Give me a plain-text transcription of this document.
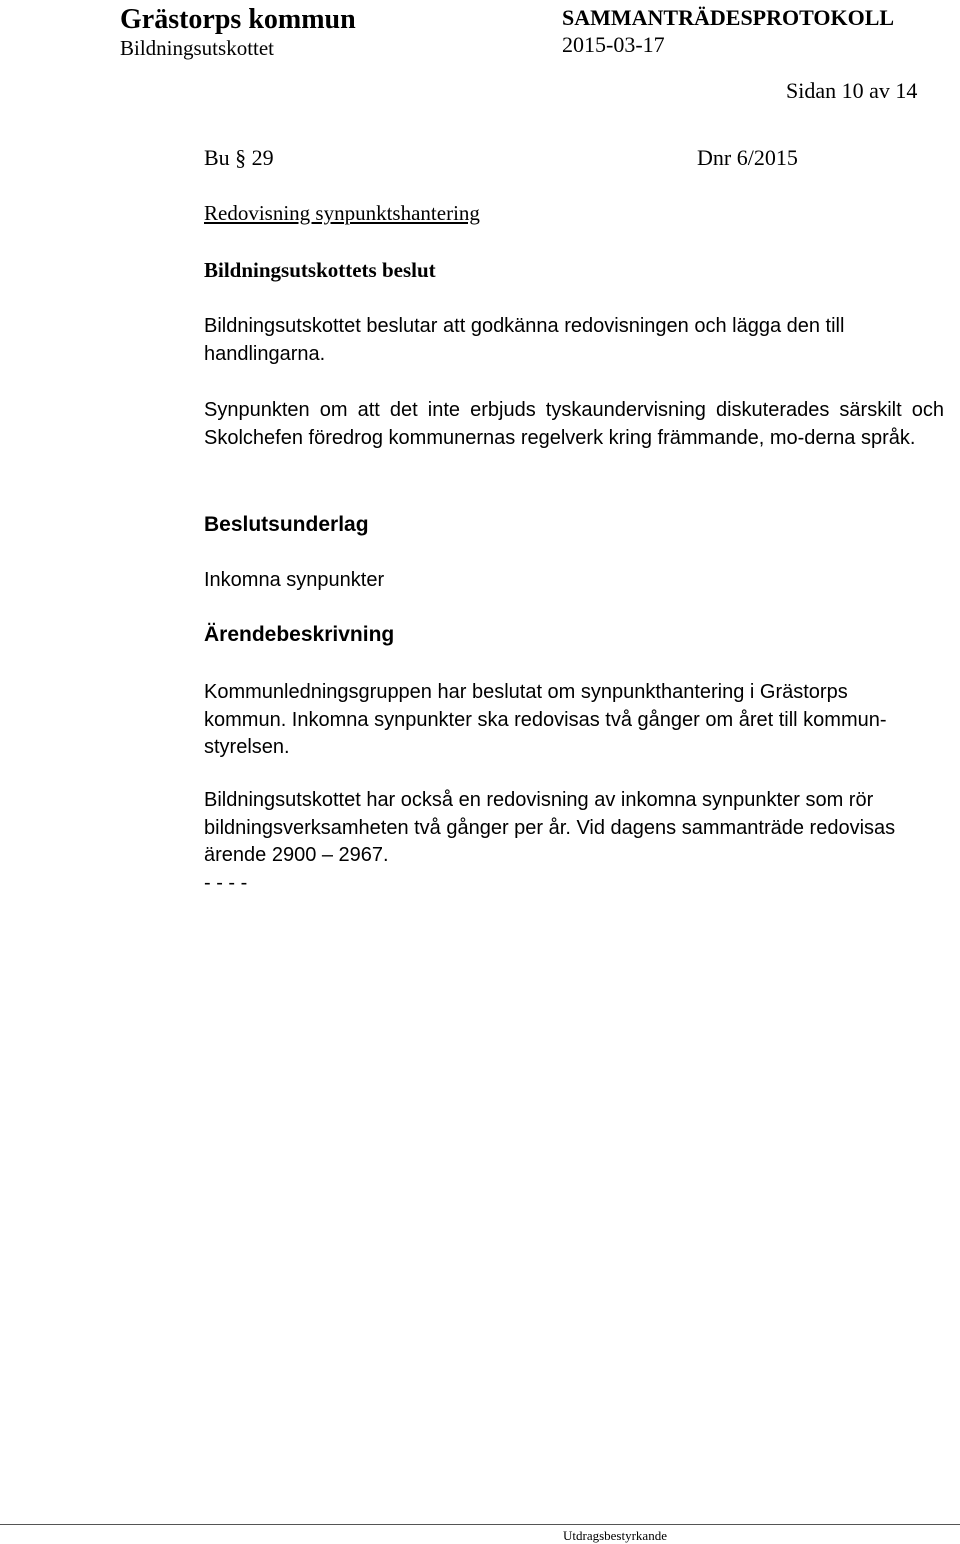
Grästorps kommun
Bildningsutskottet
SAMMANTRÄDESPROTOKOLL
2015-03-17
Sidan 10 av 14
Bu § 29	Dnr 6/2015
Redovisning synpunktshantering
Bildningsutskottets beslut
Bildningsutskottet beslutar att godkänna redovisningen och lägga den till handlingarna.
Synpunkten om att det inte erbjuds tyskaundervisning diskuterades särskilt och Skolchefen föredrog kommunernas regelverk kring främmande, mo-derna språk.
Beslutsunderlag
Inkomna synpunkter
Ärendebeskrivning
Kommunledningsgruppen har beslutat om synpunkthantering i Grästorps kommun. Inkomna synpunkter ska redovisas två gånger om året till kommun-styrelsen.
Bildningsutskottet har också en redovisning av inkomna synpunkter som rör bildningsverksamheten två gånger per år. Vid dagens sammanträde redovisas ärende 2900 – 2967.
- - - -
Utdragsbestyrkande
